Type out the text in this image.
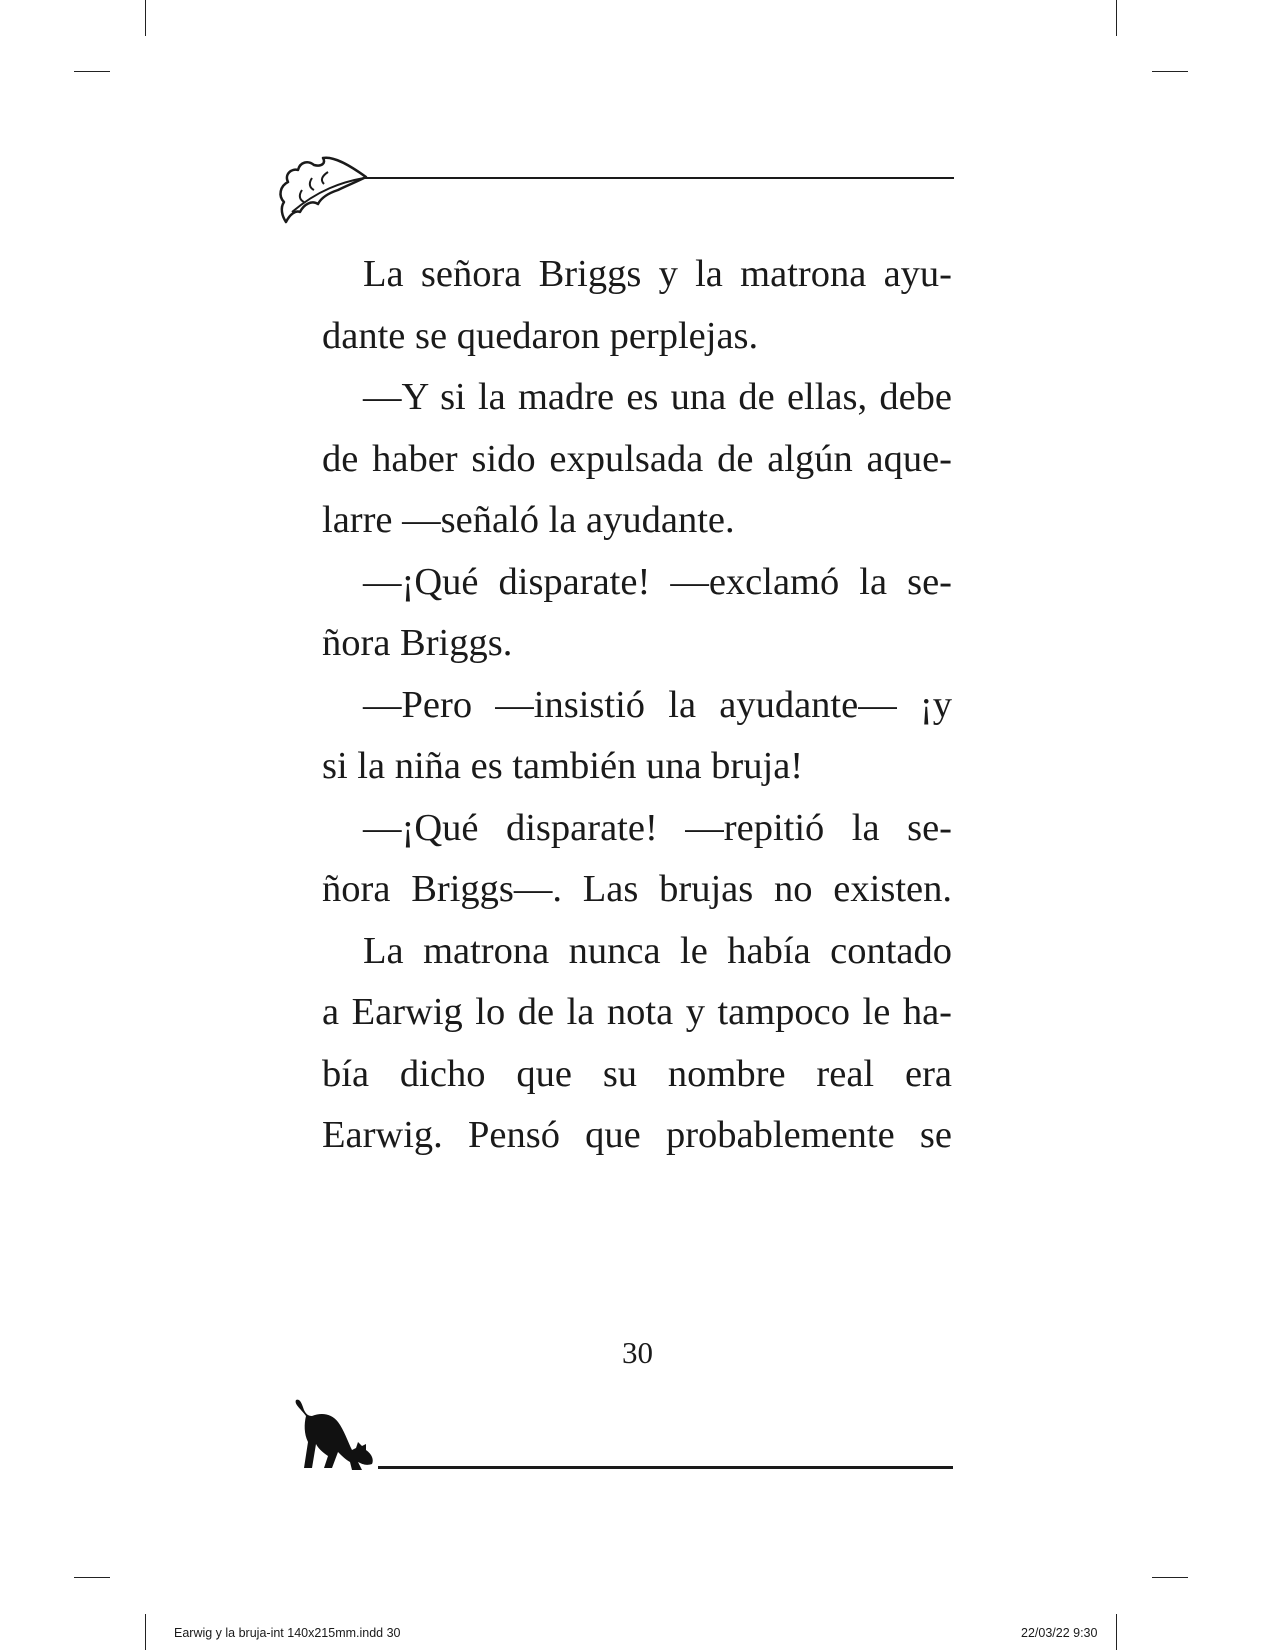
La señora Briggs y la matrona ayu-
dante se quedaron perplejas.
—Y si la madre es una de ellas, debe
de haber sido expulsada de algún aque-
larre —señaló la ayudante.
—¡Qué disparate! —exclamó la se-
ñora Briggs.
—Pero —insistió la ayudante— ¡y
si la niña es también una bruja!
—¡Qué disparate! —repitió la se-
ñora Briggs—. Las brujas no existen.
La matrona nunca le había contado
a Earwig lo de la nota y tampoco le ha-
bía dicho que su nombre real era
Earwig. Pensó que probablemente se
30
Earwig y la bruja-int 140x215mm.indd 30	22/03/22 9:30
